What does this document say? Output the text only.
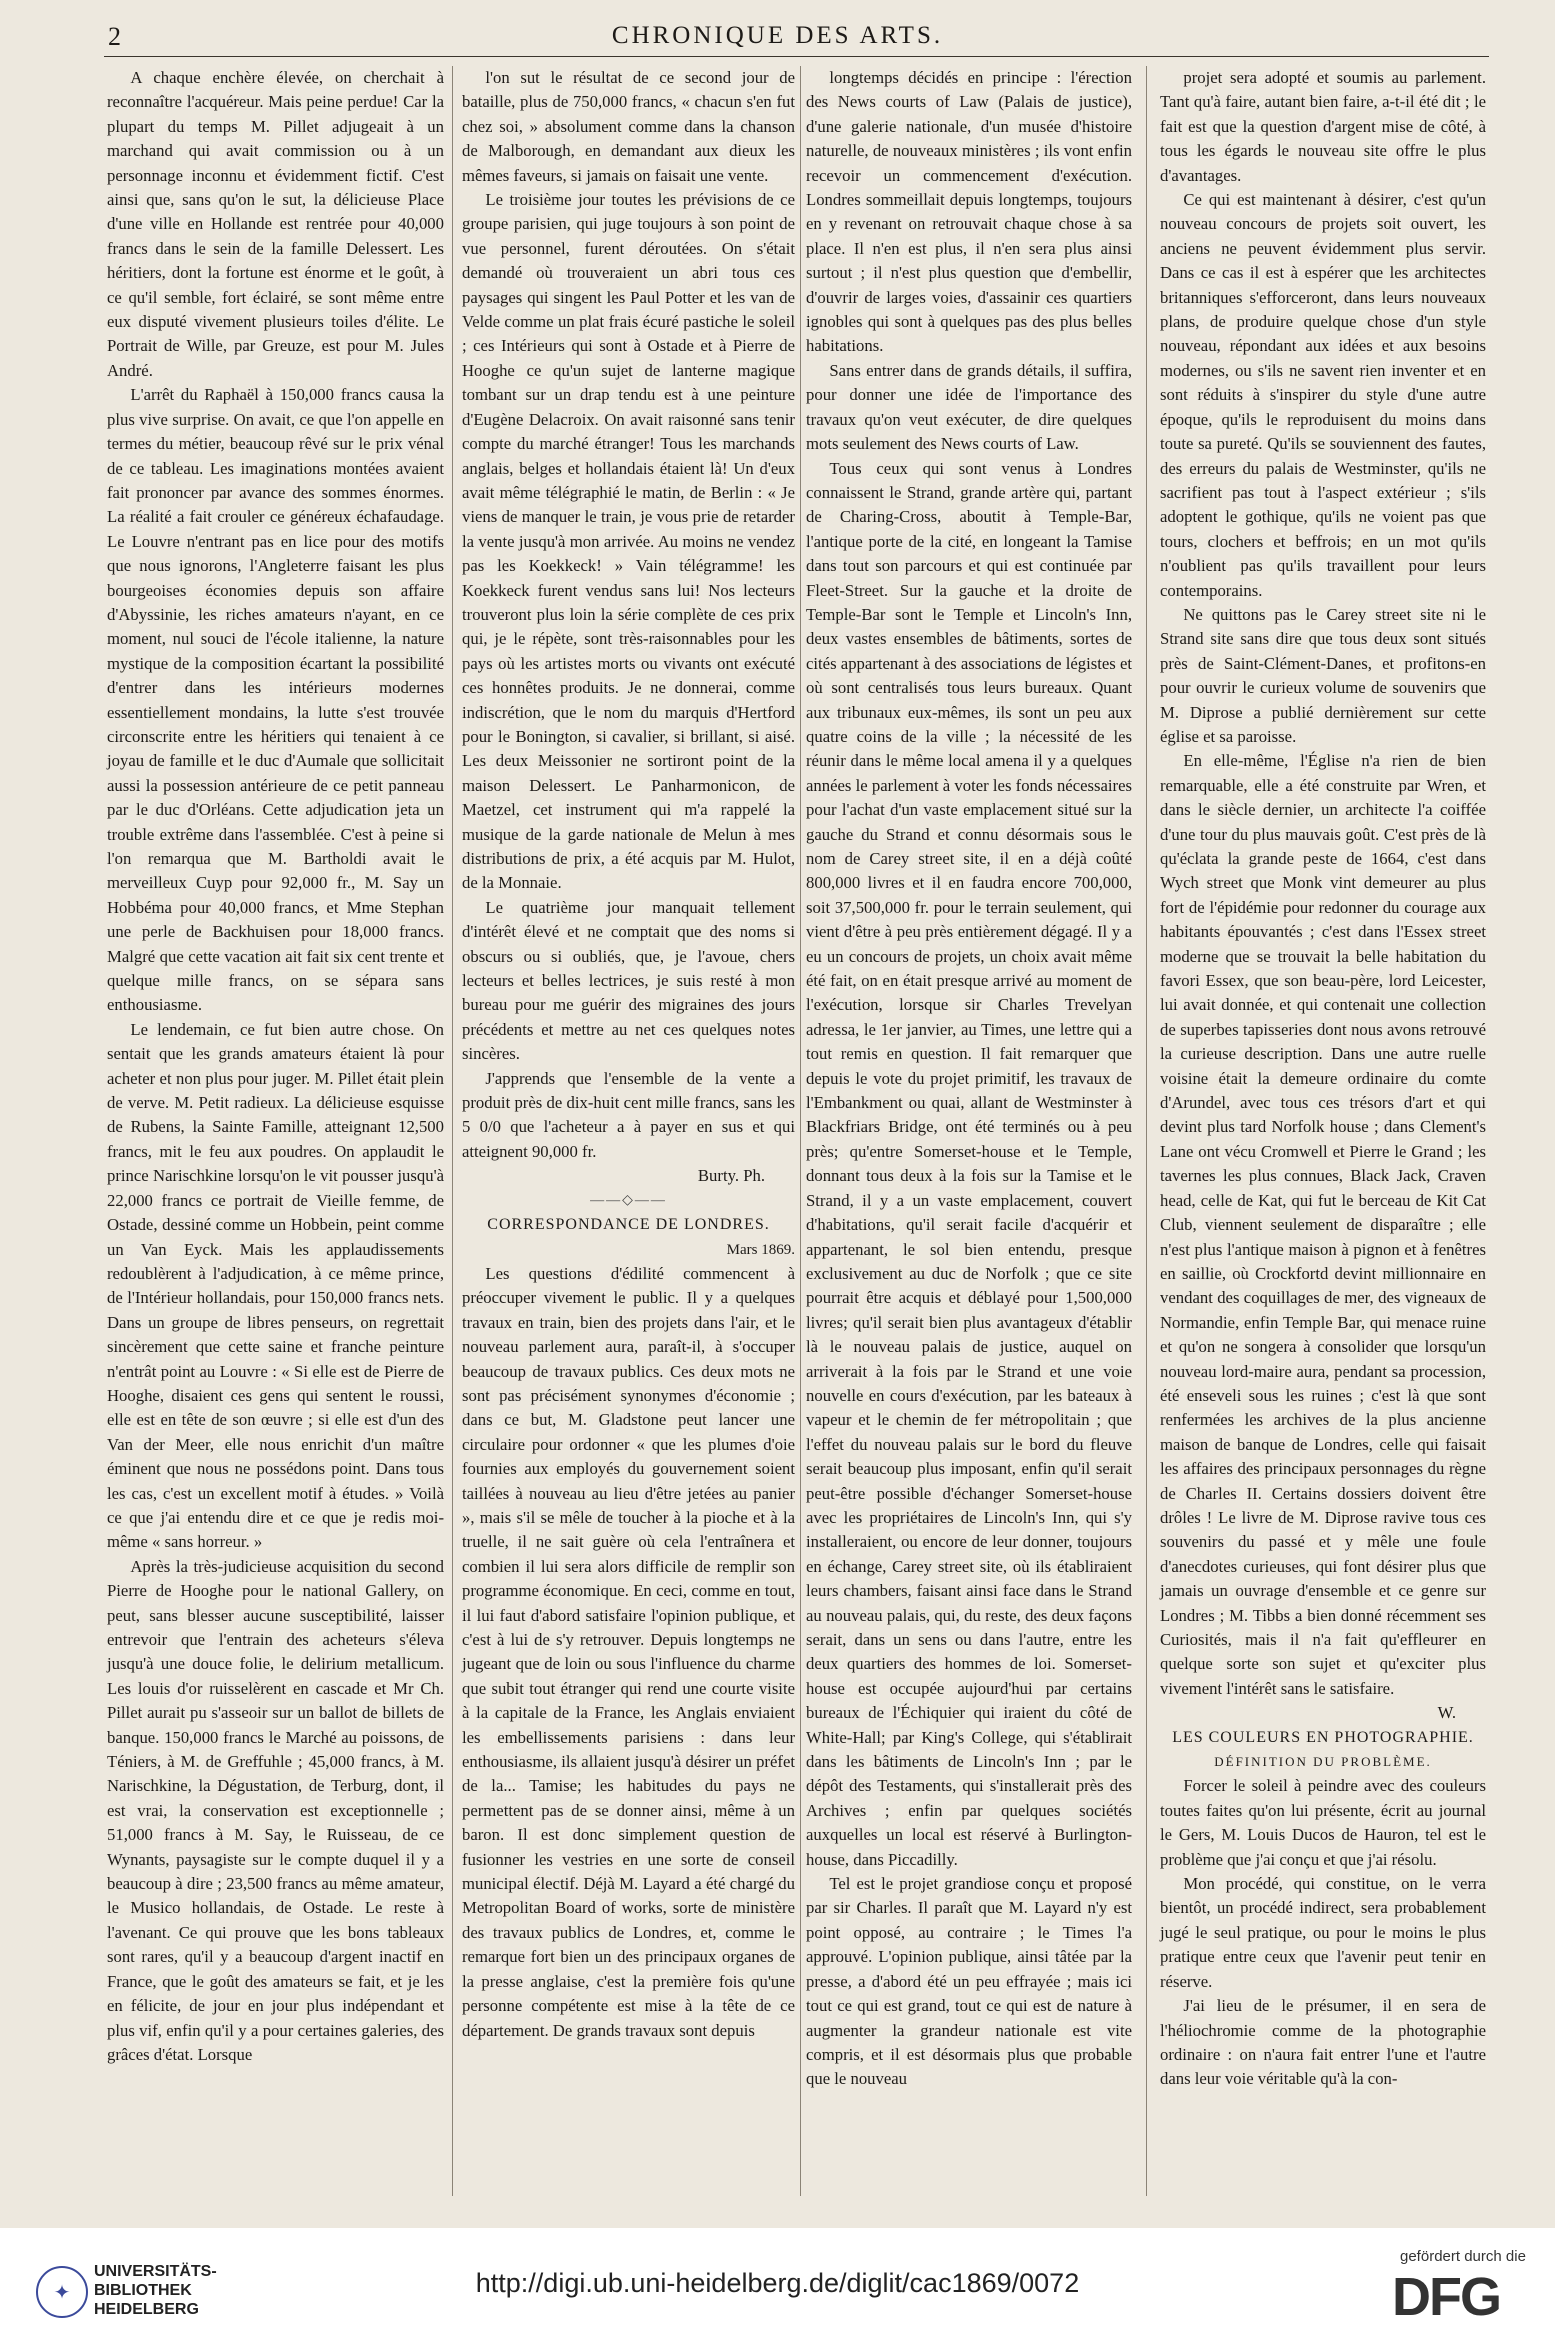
2	CHRONIQUE DES ARTS.

A chaque enchère élevée, on cherchait à reconnaître l'acquéreur. Mais peine perdue! Car la plupart du temps M. Pillet adjugeait à un marchand qui avait commission ou à un personnage inconnu et évidemment fictif. C'est ainsi que, sans qu'on le sut, la délicieuse Place d'une ville en Hollande est rentrée pour 40,000 francs dans le sein de la famille Delessert. Les héritiers, dont la fortune est énorme et le goût, à ce qu'il semble, fort éclairé, se sont même entre eux disputé vivement plusieurs toiles d'élite. Le Portrait de Wille, par Greuze, est pour M. Jules André.

L'arrêt du Raphaël à 150,000 francs causa la plus vive surprise. On avait, ce que l'on appelle en termes du métier, beaucoup rêvé sur le prix vénal de ce tableau. Les imaginations montées avaient fait prononcer par avance des sommes énormes. La réalité a fait crouler ce généreux échafaudage. Le Louvre n'entrant pas en lice pour des motifs que nous ignorons, l'Angleterre faisant les plus bourgeoises économies depuis son affaire d'Abyssinie, les riches amateurs n'ayant, en ce moment, nul souci de l'école italienne, la nature mystique de la composition écartant la possibilité d'entrer dans les intérieurs modernes essentiellement mondains, la lutte s'est trouvée circonscrite entre les héritiers qui tenaient à ce joyau de famille et le duc d'Aumale que sollicitait aussi la possession antérieure de ce petit panneau par le duc d'Orléans. Cette adjudication jeta un trouble extrême dans l'assemblée. C'est à peine si l'on remarqua que M. Bartholdi avait le merveilleux Cuyp pour 92,000 fr., M. Say un Hobbéma pour 40,000 francs, et Mme Stephan une perle de Backhuisen pour 18,000 francs. Malgré que cette vacation ait fait six cent trente et quelque mille francs, on se sépara sans enthousiasme.

Le lendemain, ce fut bien autre chose. On sentait que les grands amateurs étaient là pour acheter et non plus pour juger. M. Pillet était plein de verve. M. Petit radieux. La délicieuse esquisse de Rubens, la Sainte Famille, atteignant 12,500 francs, mit le feu aux poudres. On applaudit le prince Narischkine lorsqu'on le vit pousser jusqu'à 22,000 francs ce portrait de Vieille femme, de Ostade, dessiné comme un Hobbein, peint comme un Van Eyck. Mais les applaudissements redoublèrent à l'adjudication, à ce même prince, de l'Intérieur hollandais, pour 150,000 francs nets. Dans un groupe de libres penseurs, on regrettait sincèrement que cette saine et franche peinture n'entrât point au Louvre : « Si elle est de Pierre de Hooghe, disaient ces gens qui sentent le roussi, elle est en tête de son œuvre ; si elle est d'un des Van der Meer, elle nous enrichit d'un maître éminent que nous ne possédons point. Dans tous les cas, c'est un excellent motif à études. » Voilà ce que j'ai entendu dire et ce que je redis moi-même « sans horreur. »

Après la très-judicieuse acquisition du second Pierre de Hooghe pour le national Gallery, on peut, sans blesser aucune susceptibilité, laisser entrevoir que l'entrain des acheteurs s'éleva jusqu'à une douce folie, le delirium metallicum. Les louis d'or ruisselèrent en cascade et Mr Ch. Pillet aurait pu s'asseoir sur un ballot de billets de banque. 150,000 francs le Marché au poissons, de Téniers, à M. de Greffuhle ; 45,000 francs, à M. Narischkine, la Dégustation, de Terburg, dont, il est vrai, la conservation est exceptionnelle ; 51,000 francs à M. Say, le Ruisseau, de ce Wynants, paysagiste sur le compte duquel il y a beaucoup à dire ; 23,500 francs au même amateur, le Musico hollandais, de Ostade. Le reste à l'avenant. Ce qui prouve que les bons tableaux sont rares, qu'il y a beaucoup d'argent inactif en France, que le goût des amateurs se fait, et je les en félicite, de jour en jour plus indépendant et plus vif, enfin qu'il y a pour certaines galeries, des grâces d'état. Lorsque

l'on sut le résultat de ce second jour de bataille, plus de 750,000 francs, « chacun s'en fut chez soi, » absolument comme dans la chanson de Malborough, en demandant aux dieux les mêmes faveurs, si jamais on faisait une vente.

Le troisième jour toutes les prévisions de ce groupe parisien, qui juge toujours à son point de vue personnel, furent déroutées. On s'était demandé où trouveraient un abri tous ces paysages qui singent les Paul Potter et les van de Velde comme un plat frais écuré pastiche le soleil ; ces Intérieurs qui sont à Ostade et à Pierre de Hooghe ce qu'un sujet de lanterne magique tombant sur un drap tendu est à une peinture d'Eugène Delacroix. On avait raisonné sans tenir compte du marché étranger! Tous les marchands anglais, belges et hollandais étaient là! Un d'eux avait même télégraphié le matin, de Berlin : « Je viens de manquer le train, je vous prie de retarder la vente jusqu'à mon arrivée. Au moins ne vendez pas les Koekkeck! » Vain télégramme! les Koekkeck furent vendus sans lui! Nos lecteurs trouveront plus loin la série complète de ces prix qui, je le répète, sont très-raisonnables pour les pays où les artistes morts ou vivants ont exécuté ces honnêtes produits. Je ne donnerai, comme indiscrétion, que le nom du marquis d'Hertford pour le Bonington, si cavalier, si brillant, si aisé. Les deux Meissonier ne sortiront point de la maison Delessert. Le Panharmonicon, de Maetzel, cet instrument qui m'a rappelé la musique de la garde nationale de Melun à mes distributions de prix, a été acquis par M. Hulot, de la Monnaie.

Le quatrième jour manquait tellement d'intérêt élevé et ne comptait que des noms si obscurs ou si oubliés, que, je l'avoue, chers lecteurs et belles lectrices, je suis resté à mon bureau pour me guérir des migraines des jours précédents et mettre au net ces quelques notes sincères.

J'apprends que l'ensemble de la vente a produit près de dix-huit cent mille francs, sans les 5 0/0 que l'acheteur a à payer en sus et qui atteignent 90,000 fr.

Burty. Ph.

——◇——

CORRESPONDANCE DE LONDRES.

Mars 1869.

Les questions d'édilité commencent à préoccuper vivement le public. Il y a quelques travaux en train, bien des projets dans l'air, et le nouveau parlement aura, paraît-il, à s'occuper beaucoup de travaux publics. Ces deux mots ne sont pas précisément synonymes d'économie ; dans ce but, M. Gladstone peut lancer une circulaire pour ordonner « que les plumes d'oie fournies aux employés du gouvernement soient taillées à nouveau au lieu d'être jetées au panier », mais s'il se mêle de toucher à la pioche et à la truelle, il ne sait guère où cela l'entraînera et combien il lui sera alors difficile de remplir son programme économique. En ceci, comme en tout, il lui faut d'abord satisfaire l'opinion publique, et c'est à lui de s'y retrouver. Depuis longtemps ne jugeant que de loin ou sous l'influence du charme que subit tout étranger qui rend une courte visite à la capitale de la France, les Anglais enviaient les embellissements parisiens : dans leur enthousiasme, ils allaient jusqu'à désirer un préfet de la... Tamise; les habitudes du pays ne permettent pas de se donner ainsi, même à un baron. Il est donc simplement question de fusionner les vestries en une sorte de conseil municipal électif. Déjà M. Layard a été chargé du Metropolitan Board of works, sorte de ministère des travaux publics de Londres, et, comme le remarque fort bien un des principaux organes de la presse anglaise, c'est la première fois qu'une personne compétente est mise à la tête de ce département. De grands travaux sont depuis

longtemps décidés en principe : l'érection des News courts of Law (Palais de justice), d'une galerie nationale, d'un musée d'histoire naturelle, de nouveaux ministères ; ils vont enfin recevoir un commencement d'exécution. Londres sommeillait depuis longtemps, toujours en y revenant on retrouvait chaque chose à sa place. Il n'en est plus, il n'en sera plus ainsi surtout ; il n'est plus question que d'embellir, d'ouvrir de larges voies, d'assainir ces quartiers ignobles qui sont à quelques pas des plus belles habitations.

Sans entrer dans de grands détails, il suffira, pour donner une idée de l'importance des travaux qu'on veut exécuter, de dire quelques mots seulement des News courts of Law.

Tous ceux qui sont venus à Londres connaissent le Strand, grande artère qui, partant de Charing-Cross, aboutit à Temple-Bar, l'antique porte de la cité, en longeant la Tamise dans tout son parcours et qui est continuée par Fleet-Street. Sur la gauche et la droite de Temple-Bar sont le Temple et Lincoln's Inn, deux vastes ensembles de bâtiments, sortes de cités appartenant à des associations de légistes et où sont centralisés tous leurs bureaux. Quant aux tribunaux eux-mêmes, ils sont un peu aux quatre coins de la ville ; la nécessité de les réunir dans le même local amena il y a quelques années le parlement à voter les fonds nécessaires pour l'achat d'un vaste emplacement situé sur la gauche du Strand et connu désormais sous le nom de Carey street site, il en a déjà coûté 800,000 livres et il en faudra encore 700,000, soit 37,500,000 fr. pour le terrain seulement, qui vient d'être à peu près entièrement dégagé. Il y a eu un concours de projets, un choix avait même été fait, on en était presque arrivé au moment de l'exécution, lorsque sir Charles Trevelyan adressa, le 1er janvier, au Times, une lettre qui a tout remis en question. Il fait remarquer que depuis le vote du projet primitif, les travaux de l'Embankment ou quai, allant de Westminster à Blackfriars Bridge, ont été terminés ou à peu près; qu'entre Somerset-house et le Temple, donnant tous deux à la fois sur la Tamise et le Strand, il y a un vaste emplacement, couvert d'habitations, qu'il serait facile d'acquérir et appartenant, le sol bien entendu, presque exclusivement au duc de Norfolk ; que ce site pourrait être acquis et déblayé pour 1,500,000 livres; qu'il serait bien plus avantageux d'établir là le nouveau palais de justice, auquel on arriverait à la fois par le Strand et une voie nouvelle en cours d'exécution, par les bateaux à vapeur et le chemin de fer métropolitain ; que l'effet du nouveau palais sur le bord du fleuve serait beaucoup plus imposant, enfin qu'il serait peut-être possible d'échanger Somerset-house avec les propriétaires de Lincoln's Inn, qui s'y installeraient, ou encore de leur donner, toujours en échange, Carey street site, où ils établiraient leurs chambers, faisant ainsi face dans le Strand au nouveau palais, qui, du reste, des deux façons serait, dans un sens ou dans l'autre, entre les deux quartiers des hommes de loi. Somerset-house est occupée aujourd'hui par certains bureaux de l'Échiquier qui iraient du côté de White-Hall; par King's College, qui s'établirait dans les bâtiments de Lincoln's Inn ; par le dépôt des Testaments, qui s'installerait près des Archives ; enfin par quelques sociétés auxquelles un local est réservé à Burlington-house, dans Piccadilly.

Tel est le projet grandiose conçu et proposé par sir Charles. Il paraît que M. Layard n'y est point opposé, au contraire ; le Times l'a approuvé. L'opinion publique, ainsi tâtée par la presse, a d'abord été un peu effrayée ; mais ici tout ce qui est grand, tout ce qui est de nature à augmenter la grandeur nationale est vite compris, et il est désormais plus que probable que le nouveau

projet sera adopté et soumis au parlement. Tant qu'à faire, autant bien faire, a-t-il été dit ; le fait est que la question d'argent mise de côté, à tous les égards le nouveau site offre le plus d'avantages.

Ce qui est maintenant à désirer, c'est qu'un nouveau concours de projets soit ouvert, les anciens ne peuvent évidemment plus servir. Dans ce cas il est à espérer que les architectes britanniques s'efforceront, dans leurs nouveaux plans, de produire quelque chose d'un style nouveau, répondant aux idées et aux besoins modernes, ou s'ils ne savent rien inventer et en sont réduits à s'inspirer du style d'une autre époque, qu'ils le reproduisent du moins dans toute sa pureté. Qu'ils se souviennent des fautes, des erreurs du palais de Westminster, qu'ils ne sacrifient pas tout à l'aspect extérieur ; s'ils adoptent le gothique, qu'ils ne voient pas que tours, clochers et beffrois; en un mot qu'ils n'oublient pas qu'ils travaillent pour leurs contemporains.

Ne quittons pas le Carey street site ni le Strand site sans dire que tous deux sont situés près de Saint-Clément-Danes, et profitons-en pour ouvrir le curieux volume de souvenirs que M. Diprose a publié dernièrement sur cette église et sa paroisse.

En elle-même, l'Église n'a rien de bien remarquable, elle a été construite par Wren, et dans le siècle dernier, un architecte l'a coiffée d'une tour du plus mauvais goût. C'est près de là qu'éclata la grande peste de 1664, c'est dans Wych street que Monk vint demeurer au plus fort de l'épidémie pour redonner du courage aux habitants épouvantés ; c'est dans l'Essex street moderne que se trouvait la belle habitation du favori Essex, que son beau-père, lord Leicester, lui avait donnée, et qui contenait une collection de superbes tapisseries dont nous avons retrouvé la curieuse description. Dans une autre ruelle voisine était la demeure ordinaire du comte d'Arundel, avec tous ces trésors d'art et qui devint plus tard Norfolk house ; dans Clement's Lane ont vécu Cromwell et Pierre le Grand ; les tavernes les plus connues, Black Jack, Craven head, celle de Kat, qui fut le berceau de Kit Cat Club, viennent seulement de disparaître ; elle n'est plus l'antique maison à pignon et à fenêtres en saillie, où Crockfortd devint millionnaire en vendant des coquillages de mer, des vigneaux de Normandie, enfin Temple Bar, qui menace ruine et qu'on ne songera à consolider que lorsqu'un nouveau lord-maire aura, pendant sa procession, été enseveli sous les ruines ; c'est là que sont renfermées les archives de la plus ancienne maison de banque de Londres, celle qui faisait les affaires des principaux personnages du règne de Charles II. Certains dossiers doivent être drôles ! Le livre de M. Diprose ravive tous ces souvenirs du passé et y mêle une foule d'anecdotes curieuses, qui font désirer plus que jamais un ouvrage d'ensemble et ce genre sur Londres ; M. Tibbs a bien donné récemment ses Curiosités, mais il n'a fait qu'effleurer en quelque sorte son sujet et qu'exciter plus vivement l'intérêt sans le satisfaire.

W.

LES COULEURS EN PHOTOGRAPHIE.

DÉFINITION DU PROBLÈME.

Forcer le soleil à peindre avec des couleurs toutes faites qu'on lui présente, écrit au journal le Gers, M. Louis Ducos de Hauron, tel est le problème que j'ai conçu et que j'ai résolu.

Mon procédé, qui constitue, on le verra bientôt, un procédé indirect, sera probablement jugé le seul pratique, ou pour le moins le plus pratique entre ceux que l'avenir peut tenir en réserve.

J'ai lieu de le présumer, il en sera de l'héliochromie comme de la photographie ordinaire : on n'aura fait entrer l'une et l'autre dans leur voie véritable qu'à la con-

✦
UNIVERSITÄTS-
BIBLIOTHEK
HEIDELBERG
http://digi.ub.uni-heidelberg.de/diglit/cac1869/0072
gefördert durch die
DFG
